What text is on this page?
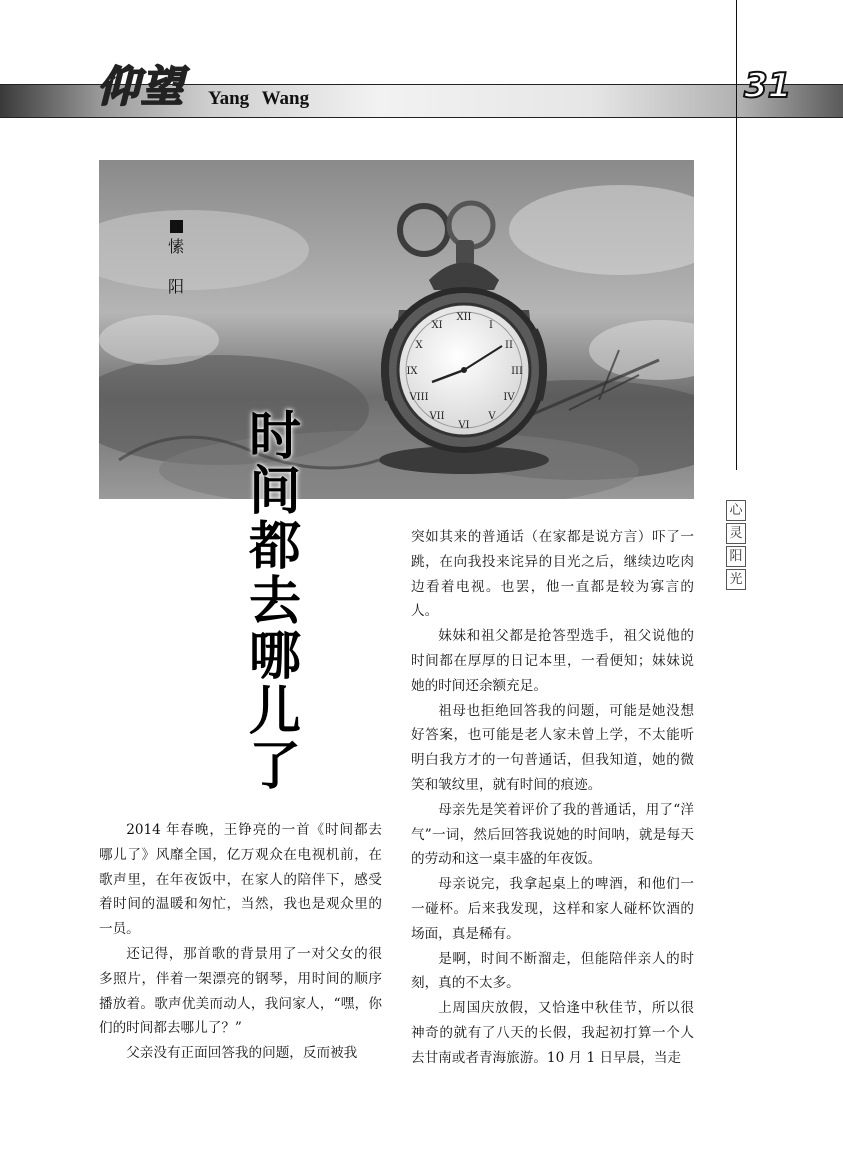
仰望 Yang Wang	31
心
灵
阳
光
XII
I
II
III
IV
V
VI
VII
VIII
IX
X
XI
愫
阳
时
间
都
去
哪
儿
了

2014 年春晚，王铮亮的一首《时间都去哪儿了》风靡全国，亿万观众在电视机前，在歌声里，在年夜饭中，在家人的陪伴下，感受着时间的温暖和匆忙，当然，我也是观众里的一员。

还记得，那首歌的背景用了一对父女的很多照片，伴着一架漂亮的钢琴，用时间的顺序播放着。歌声优美而动人，我问家人，“嘿，你们的时间都去哪儿了？”

父亲没有正面回答我的问题，反而被我

突如其来的普通话（在家都是说方言）吓了一跳，在向我投来诧异的目光之后，继续边吃肉边看着电视。也罢，他一直都是较为寡言的人。

妹妹和祖父都是抢答型选手，祖父说他的时间都在厚厚的日记本里，一看便知；妹妹说她的时间还余额充足。

祖母也拒绝回答我的问题，可能是她没想好答案，也可能是老人家未曾上学，不太能听明白我方才的一句普通话，但我知道，她的微笑和皱纹里，就有时间的痕迹。

母亲先是笑着评价了我的普通话，用了“洋气”一词，然后回答我说她的时间呐，就是每天的劳动和这一桌丰盛的年夜饭。

母亲说完，我拿起桌上的啤酒，和他们一一碰杯。后来我发现，这样和家人碰杯饮酒的场面，真是稀有。

是啊，时间不断溜走，但能陪伴亲人的时刻，真的不太多。

上周国庆放假，又恰逢中秋佳节，所以很神奇的就有了八天的长假，我起初打算一个人去甘南或者青海旅游。10 月 1 日早晨，当走
